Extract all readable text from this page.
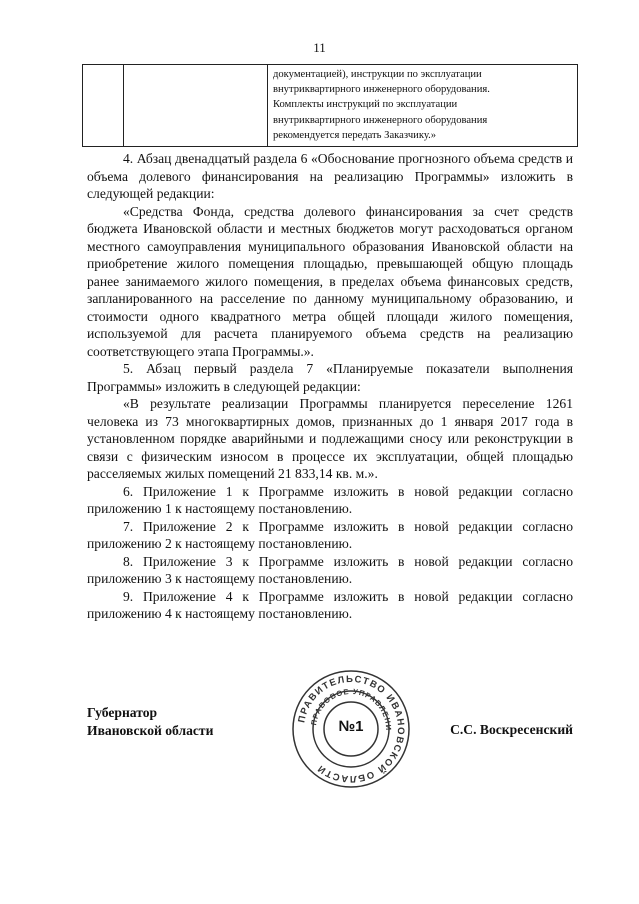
11

документацией), инструкции по эксплуатации
внутриквартирного инженерного оборудования.
Комплекты инструкций по эксплуатации
внутриквартирного инженерного оборудования
рекомендуется передать Заказчику.»

4. Абзац двенадцатый раздела 6 «Обоснование прогнозного объема средств и объема долевого финансирования на реализацию Программы» изложить в следующей редакции:

«Средства Фонда, средства долевого финансирования за счет средств бюджета Ивановской области и местных бюджетов могут расходоваться органом местного самоуправления муниципального образования Ивановской области на приобретение жилого помещения площадью, превышающей общую площадь ранее занимаемого жилого помещения, в пределах объема финансовых средств, запланированного на расселение по данному муниципальному образованию, и стоимости одного квадратного метра общей площади жилого помещения, используемой для расчета планируемого объема средств на реализацию соответствующего этапа Программы.».

5. Абзац первый раздела 7 «Планируемые показатели выполнения Программы» изложить в следующей редакции:

«В результате реализации Программы планируется переселение 1261 человека из 73 многоквартирных домов, признанных до 1 января 2017 года в установленном порядке аварийными и подлежащими сносу или реконструкции в связи с физическим износом в процессе их эксплуатации, общей площадью расселяемых жилых помещений 21 833,14 кв. м.».

6. Приложение 1 к Программе изложить в новой редакции согласно приложению 1 к настоящему постановлению.

7. Приложение 2 к Программе изложить в новой редакции согласно приложению 2 к настоящему постановлению.

8. Приложение 3 к Программе изложить в новой редакции согласно приложению 3 к настоящему постановлению.

9. Приложение 4 к Программе изложить в новой редакции согласно приложению 4 к настоящему постановлению.

Губернатор
Ивановской области
ПРАВИТЕЛЬСТВО ИВАНОВСКОЙ ОБЛАСТИ
ПРАВОВОЕ УПРАВЛЕНИ
№1	С.С. Воскресенский
